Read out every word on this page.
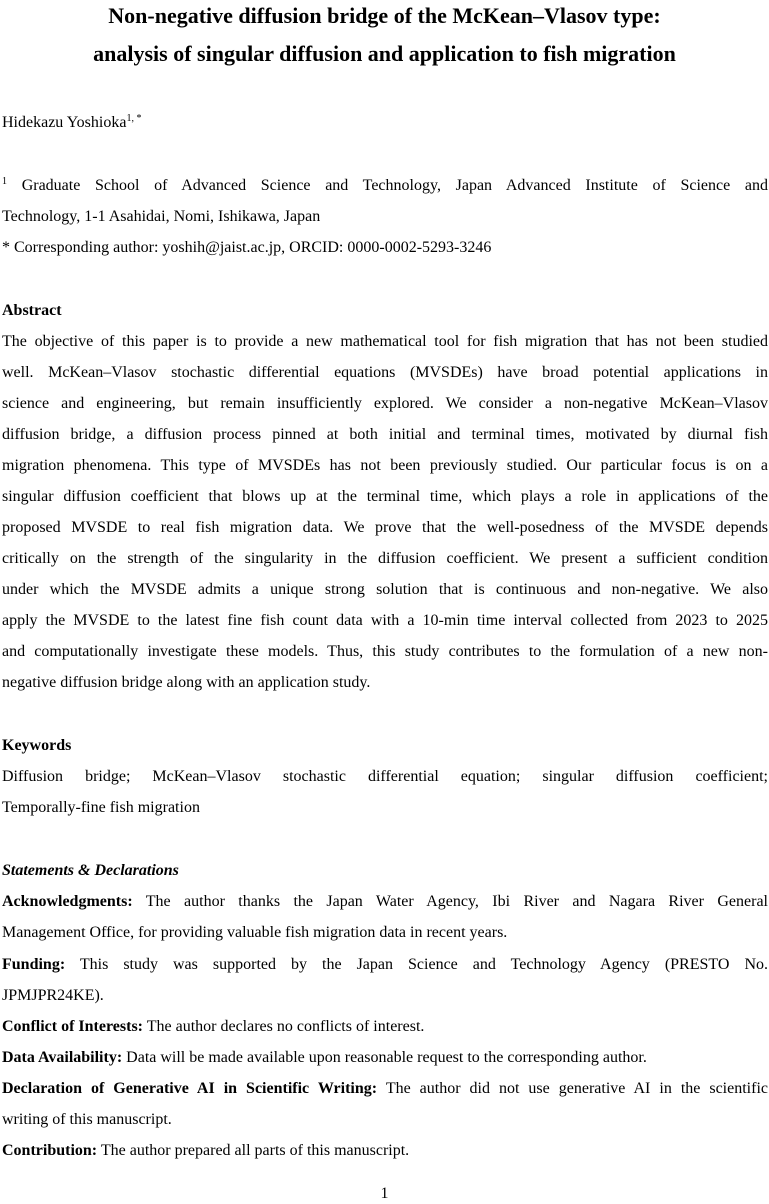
Non-negative diffusion bridge of the McKean–Vlasov type:
analysis of singular diffusion and application to fish migration
Hidekazu Yoshioka$^{1, *}$
$^1$ Graduate School of Advanced Science and Technology, Japan Advanced Institute of Science and
Technology, 1-1 Asahidai, Nomi, Ishikawa, Japan
* Corresponding author: yoshih@jaist.ac.jp, ORCID: 0000-0002-5293-3246
Abstract
The objective of this paper is to provide a new mathematical tool for fish migration that has not been studied
well. McKean–Vlasov stochastic differential equations (MVSDEs) have broad potential applications in
science and engineering, but remain insufficiently explored. We consider a non-negative McKean–Vlasov
diffusion bridge, a diffusion process pinned at both initial and terminal times, motivated by diurnal fish
migration phenomena. This type of MVSDEs has not been previously studied. Our particular focus is on a
singular diffusion coefficient that blows up at the terminal time, which plays a role in applications of the
proposed MVSDE to real fish migration data. We prove that the well-posedness of the MVSDE depends
critically on the strength of the singularity in the diffusion coefficient. We present a sufficient condition
under which the MVSDE admits a unique strong solution that is continuous and non-negative. We also
apply the MVSDE to the latest fine fish count data with a 10-min time interval collected from 2023 to 2025
and computationally investigate these models. Thus, this study contributes to the formulation of a new non-
negative diffusion bridge along with an application study.
Keywords
Diffusion bridge; McKean–Vlasov stochastic differential equation; singular diffusion coefficient;
Temporally-fine fish migration
Statements & Declarations
Acknowledgments: The author thanks the Japan Water Agency, Ibi River and Nagara River General
Management Office, for providing valuable fish migration data in recent years.
Funding: This study was supported by the Japan Science and Technology Agency (PRESTO No.
JPMJPR24KE).
Conflict of Interests: The author declares no conflicts of interest.
Data Availability: Data will be made available upon reasonable request to the corresponding author.
Declaration of Generative AI in Scientific Writing: The author did not use generative AI in the scientific
writing of this manuscript.
Contribution: The author prepared all parts of this manuscript.
1
